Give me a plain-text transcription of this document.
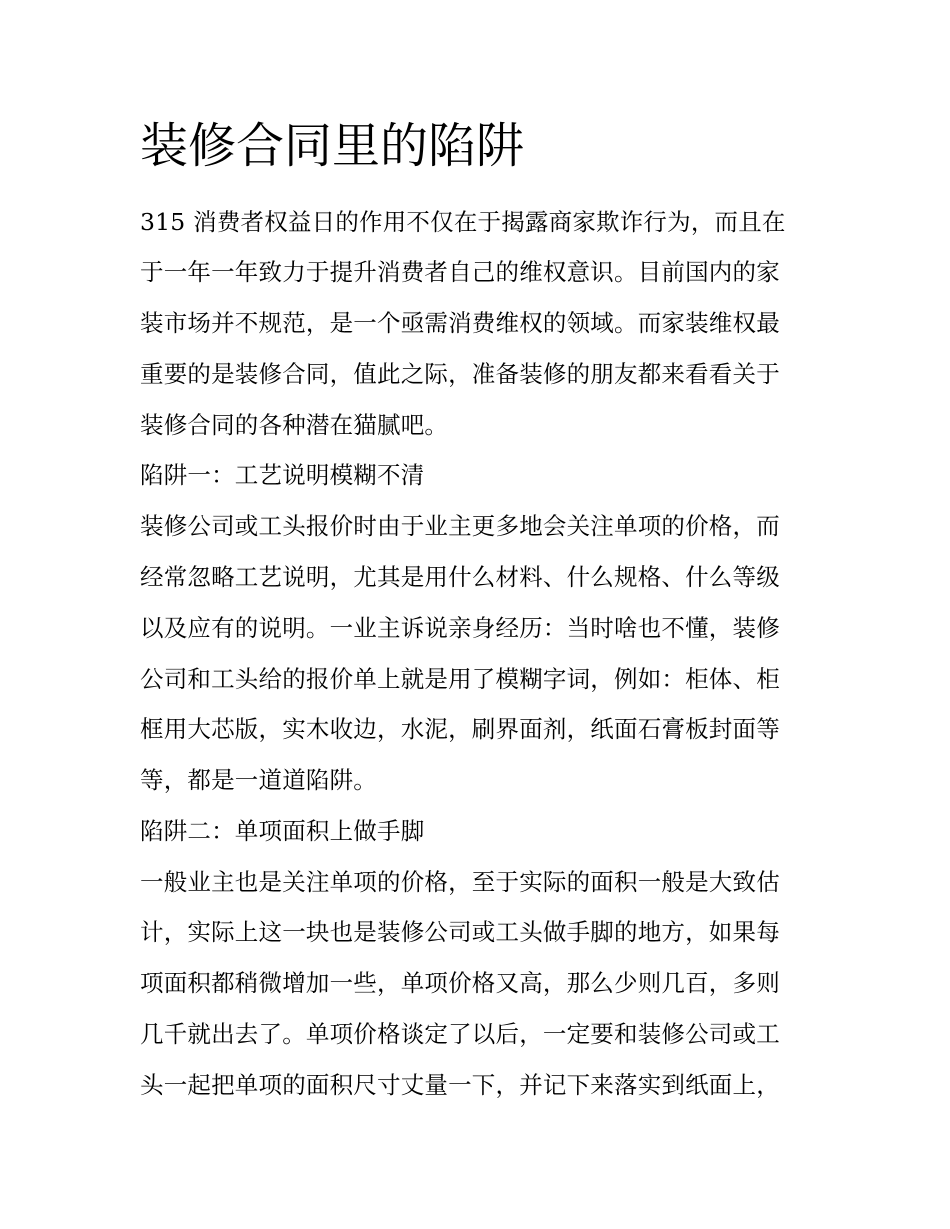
装修合同里的陷阱
315 消费者权益日的作用不仅在于揭露商家欺诈行为，而且在
于一年一年致力于提升消费者自己的维权意识。目前国内的家
装市场并不规范，是一个亟需消费维权的领域。而家装维权最
重要的是装修合同，值此之际，准备装修的朋友都来看看关于
装修合同的各种潜在猫腻吧。
陷阱一：工艺说明模糊不清
装修公司或工头报价时由于业主更多地会关注单项的价格，而
经常忽略工艺说明，尤其是用什么材料、什么规格、什么等级
以及应有的说明。一业主诉说亲身经历：当时啥也不懂，装修
公司和工头给的报价单上就是用了模糊字词，例如：柜体、柜
框用大芯版，实木收边，水泥，刷界面剂，纸面石膏板封面等
等，都是一道道陷阱。
陷阱二：单项面积上做手脚
一般业主也是关注单项的价格，至于实际的面积一般是大致估
计，实际上这一块也是装修公司或工头做手脚的地方，如果每
项面积都稍微增加一些，单项价格又高，那么少则几百，多则
几千就出去了。单项价格谈定了以后，一定要和装修公司或工
头一起把单项的面积尺寸丈量一下，并记下来落实到纸面上，
